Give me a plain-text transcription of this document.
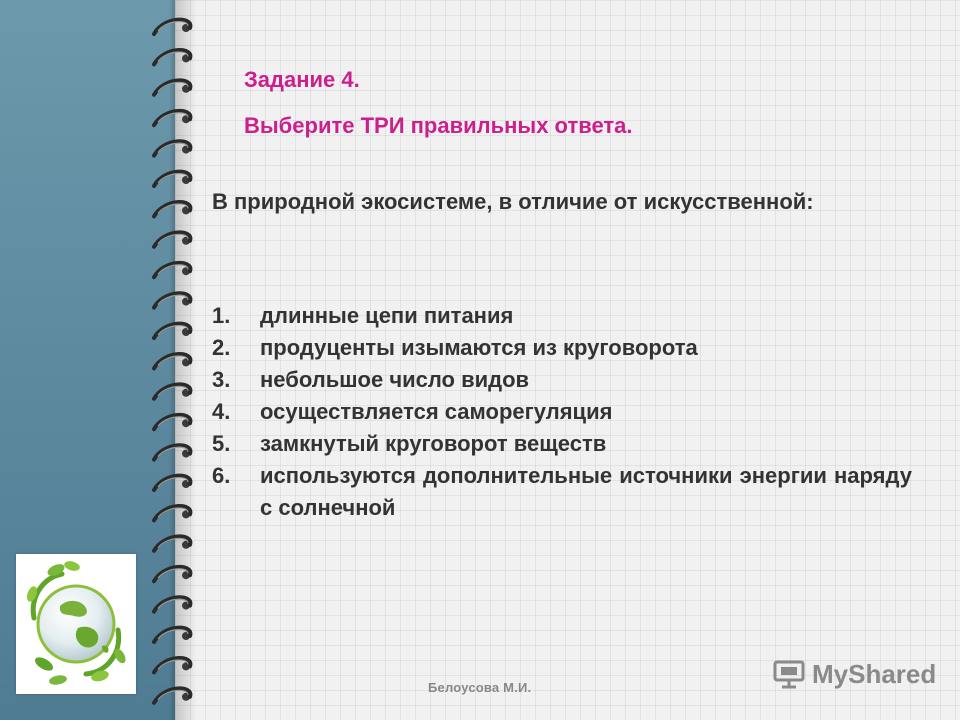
Задание 4.
Выберите ТРИ правильных ответа.
В природной экосистеме, в отличие от искусственной:
1. длинные цепи питания
2. продуценты изымаются из круговорота
3. небольшое число видов
4. осуществляется саморегуляция
5. замкнутый круговорот веществ
6. используются дополнительные источники энергии наряду с солнечной
Белоусова М.И.	MyShared
